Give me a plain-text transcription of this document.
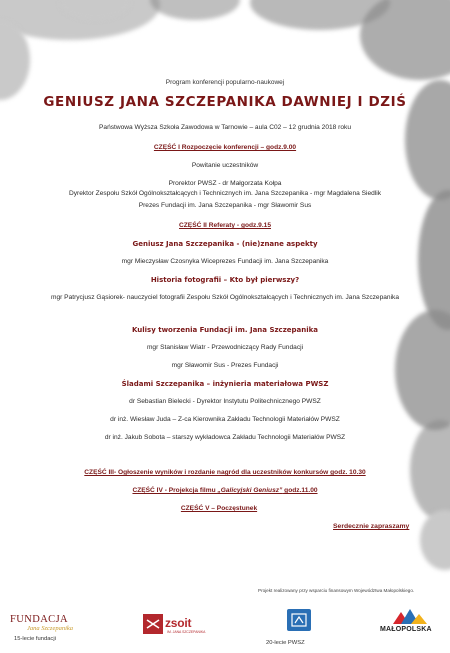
Program konferencji popularno-naukowej
GENIUSZ JANA SZCZEPANIKA DAWNIEJ I DZIŚ
Państwowa Wyższa Szkoła Zawodowa w Tarnowie – aula C02 – 12 grudnia 2018 roku
CZĘŚĆ I Rozpoczęcie konferencji – godz.9.00
Powitanie uczestników
Prorektor PWSZ - dr Małgorzata Kołpa
Dyrektor Zespołu Szkół Ogólnokształcących i Technicznych im. Jana Szczepanika - mgr Magdalena Siedlik
Prezes Fundacji im. Jana Szczepanika - mgr Sławomir Sus
CZĘŚĆ II Referaty - godz.9.15
Geniusz Jana Szczepanika - (nie)znane aspekty
mgr Mieczysław Czosnyka Wiceprezes Fundacji im. Jana Szczepanika
Historia fotografii – Kto był pierwszy?
mgr Patrycjusz Gąsiorek- nauczyciel fotografii Zespołu Szkół Ogólnokształcących i Technicznych im. Jana Szczepanika
Kulisy tworzenia Fundacji im. Jana Szczepanika
mgr Stanisław Wiatr - Przewodniczący Rady Fundacji
mgr Sławomir Sus - Prezes Fundacji
Śladami Szczepanika – inżynieria materiałowa PWSZ
dr Sebastian Bielecki - Dyrektor Instytutu Politechnicznego PWSZ
dr inż. Wiesław Juda – Z-ca Kierownika Zakładu Technologii Materiałów PWSZ
dr inż. Jakub Sobota – starszy wykładowca Zakładu Technologii Materiałów PWSZ
CZĘŚĆ III- Ogłoszenie wyników i rozdanie nagród dla uczestników konkursów godz. 10.30
CZĘŚĆ IV - Projekcja filmu „Galicyjski Geniusz” godz.11.00
CZĘŚĆ V – Poczęstunek
Serdecznie zapraszamy
Projekt realizowany przy wsparciu finansowym Województwa Małopolskiego.
FUNDACJA
Jana Szczepanika
15-lecie fundacji
zsoit
IM. JANA SZCZEPANIKA
20-lecie PWSZ
MAŁOPOLSKA
